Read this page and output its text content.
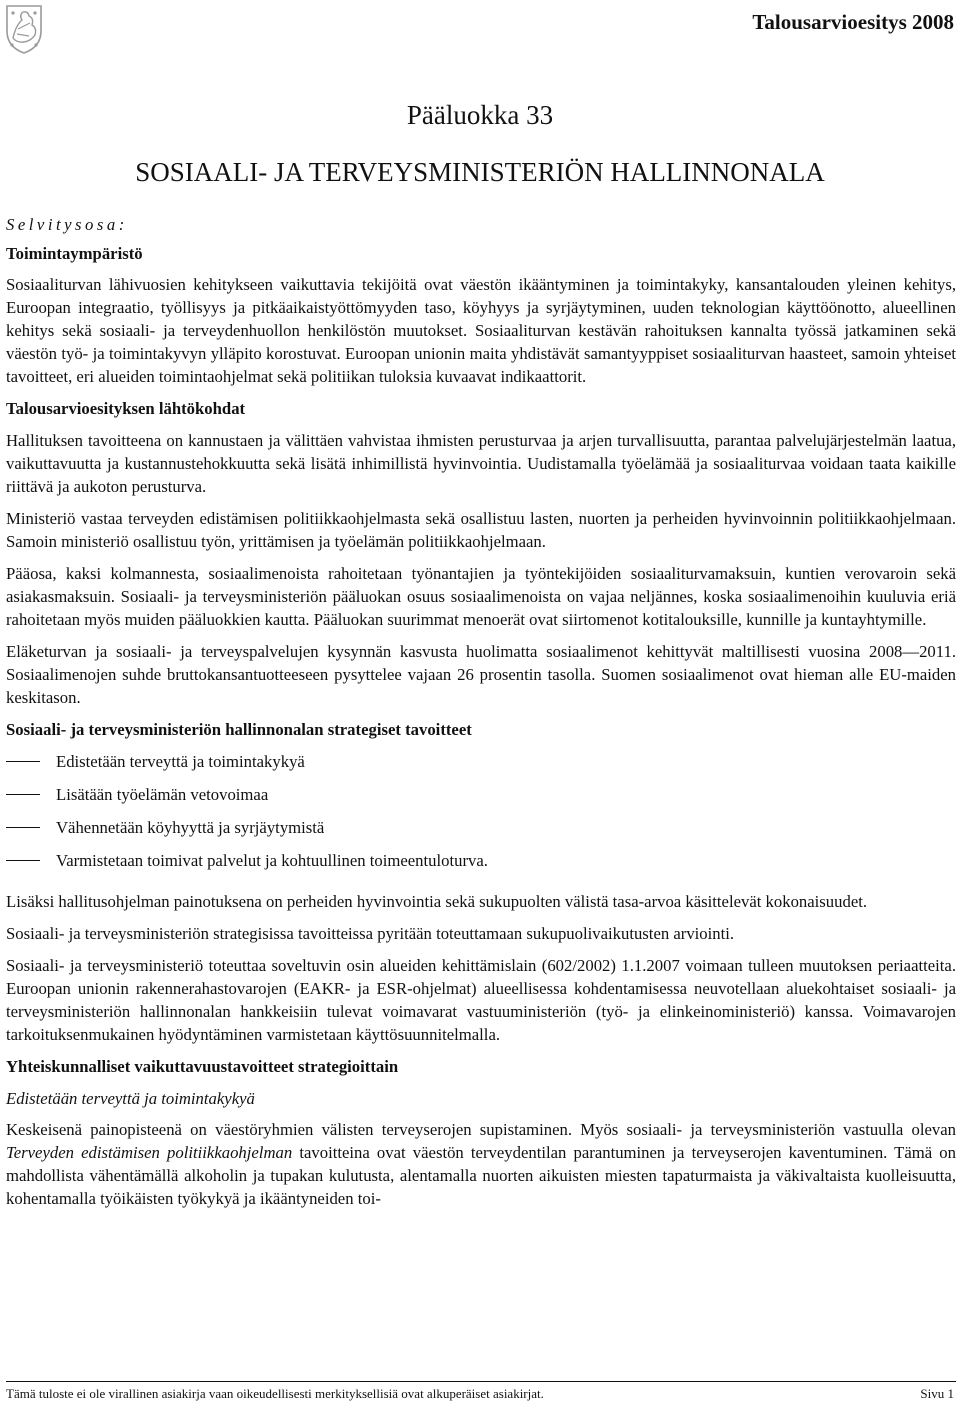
Talousarvioesitys 2008
Pääluokka 33
SOSIAALI- JA TERVEYSMINISTERIÖN HALLINNONALA
Selvitysosa:
Toimintaympäristö

Sosiaaliturvan lähivuosien kehitykseen vaikuttavia tekijöitä ovat väestön ikääntyminen ja toimintakyky, kansantalouden yleinen kehitys, Euroopan integraatio, työllisyys ja pitkäaikaistyöttömyyden taso, köyhyys ja syrjäytyminen, uuden teknologian käyttöönotto, alueellinen kehitys sekä sosiaali- ja terveydenhuollon henkilöstön muutokset. Sosiaaliturvan kestävän rahoituksen kannalta työssä jatkaminen sekä väestön työ- ja toimintakyvyn ylläpito korostuvat. Euroopan unionin maita yhdistävät samantyyppiset sosiaaliturvan haasteet, samoin yhteiset tavoitteet, eri alueiden toimintaohjelmat sekä politiikan tuloksia kuvaavat indikaattorit.

Talousarvioesityksen lähtökohdat

Hallituksen tavoitteena on kannustaen ja välittäen vahvistaa ihmisten perusturvaa ja arjen turvallisuutta, parantaa palvelujärjestelmän laatua, vaikuttavuutta ja kustannustehokkuutta sekä lisätä inhimillistä hyvinvointia. Uudistamalla työelämää ja sosiaaliturvaa voidaan taata kaikille riittävä ja aukoton perusturva.

Ministeriö vastaa terveyden edistämisen politiikkaohjelmasta sekä osallistuu lasten, nuorten ja perheiden hyvinvoinnin politiikkaohjelmaan. Samoin ministeriö osallistuu työn, yrittämisen ja työelämän politiikkaohjelmaan.

Pääosa, kaksi kolmannesta, sosiaalimenoista rahoitetaan työnantajien ja työntekijöiden sosiaaliturvamaksuin, kuntien verovaroin sekä asiakasmaksuin. Sosiaali- ja terveysministeriön pääluokan osuus sosiaalimenoista on vajaa neljännes, koska sosiaalimenoihin kuuluvia eriä rahoitetaan myös muiden pääluokkien kautta. Pääluokan suurimmat menoerät ovat siirtomenot kotitalouksille, kunnille ja kuntayhtymille.

Eläketurvan ja sosiaali- ja terveyspalvelujen kysynnän kasvusta huolimatta sosiaalimenot kehittyvät maltillisesti vuosina 2008—2011. Sosiaalimenojen suhde bruttokansantuotteeseen pysyttelee vajaan 26 prosentin tasolla. Suomen sosiaalimenot ovat hieman alle EU-maiden keskitason.

Sosiaali- ja terveysministeriön hallinnonalan strategiset tavoitteet
Edistetään terveyttä ja toimintakykyä
Lisätään työelämän vetovoimaa
Vähennetään köyhyyttä ja syrjäytymistä
Varmistetaan toimivat palvelut ja kohtuullinen toimeentuloturva.

Lisäksi hallitusohjelman painotuksena on perheiden hyvinvointia sekä sukupuolten välistä tasa-arvoa käsittelevät kokonaisuudet.

Sosiaali- ja terveysministeriön strategisissa tavoitteissa pyritään toteuttamaan sukupuolivaikutusten arviointi.

Sosiaali- ja terveysministeriö toteuttaa soveltuvin osin alueiden kehittämislain (602/2002) 1.1.2007 voimaan tulleen muutoksen periaatteita. Euroopan unionin rakennerahastovarojen (EAKR- ja ESR-ohjelmat) alueellisessa kohdentamisessa neuvotellaan aluekohtaiset sosiaali- ja terveysministeriön hallinnonalan hankkeisiin tulevat voimavarat vastuuministeriön (työ- ja elinkeinoministeriö) kanssa. Voimavarojen tarkoituksenmukainen hyödyntäminen varmistetaan käyttösuunnitelmalla.

Yhteiskunnalliset vaikuttavuustavoitteet strategioittain
Edistetään terveyttä ja toimintakykyä

Keskeisenä painopisteenä on väestöryhmien välisten terveyserojen supistaminen. Myös sosiaali- ja terveysministeriön vastuulla olevan Terveyden edistämisen politiikkaohjelman tavoitteina ovat väestön terveydentilan parantuminen ja terveyserojen kaventuminen. Tämä on mahdollista vähentämällä alkoholin ja tupakan kulutusta, alentamalla nuorten aikuisten miesten tapaturmaista ja väkivaltaista kuolleisuutta, kohentamalla työikäisten työkykyä ja ikääntyneiden toi-

Tämä tuloste ei ole virallinen asiakirja vaan oikeudellisesti merkityksellisiä ovat alkuperäiset asiakirjat.	Sivu 1
